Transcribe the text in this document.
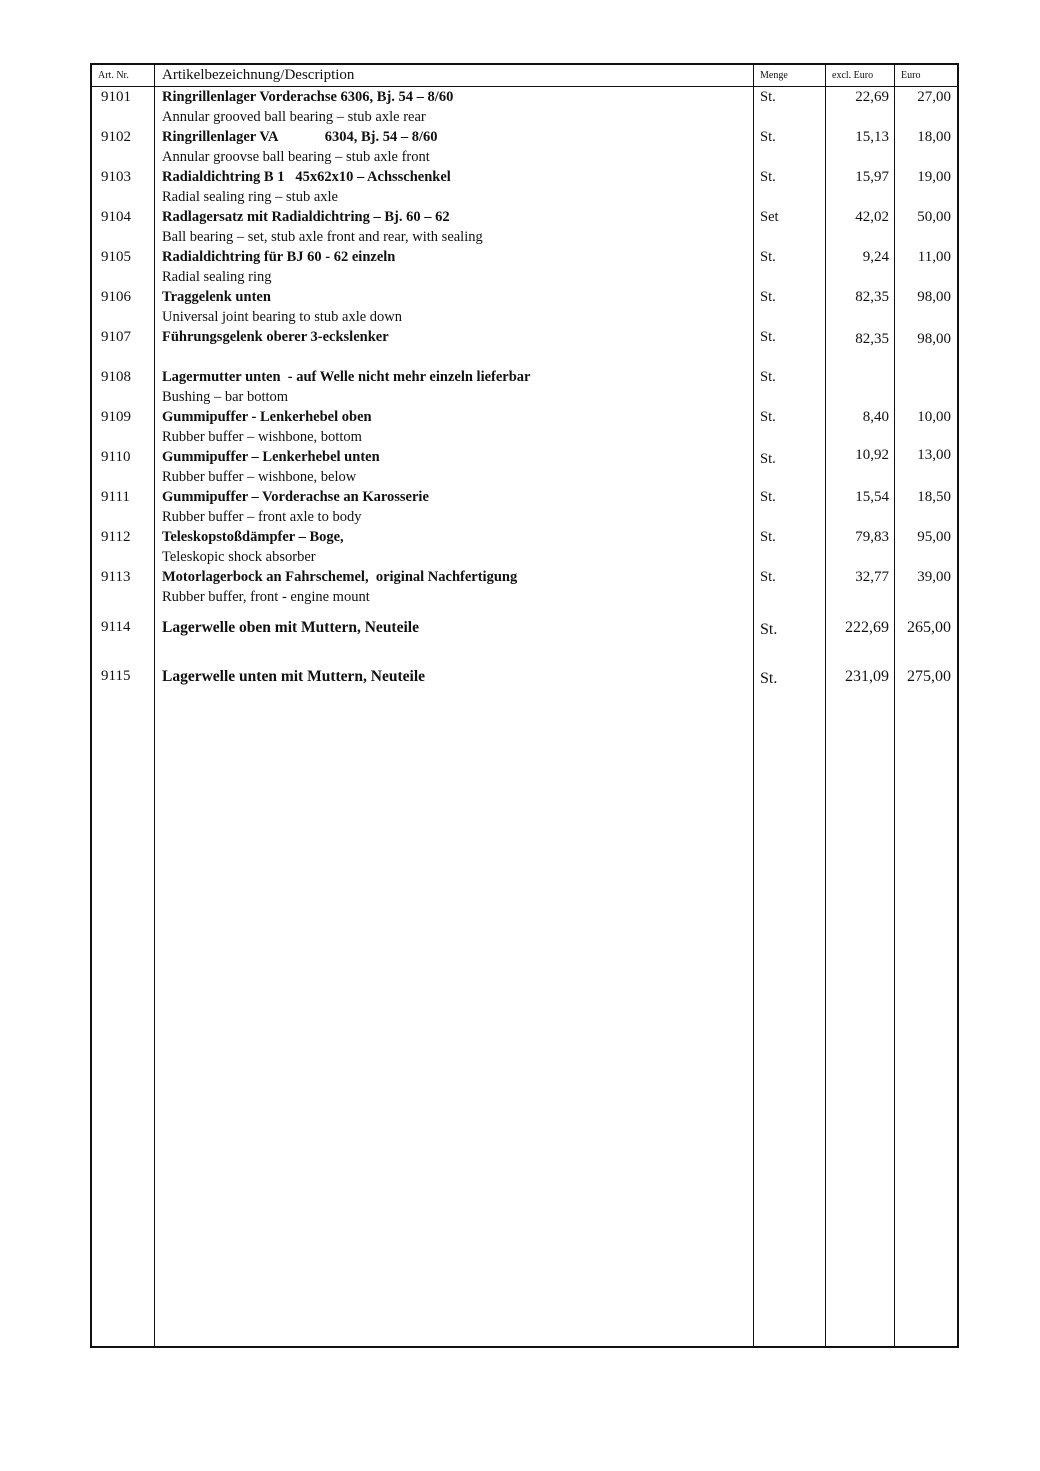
Art. Nr. Artikelbezeichnung/Description	Menge	excl. Euro	Euro
9101 Ringrillenlager Vorderachse 6306, Bj. 54 – 8/60
Annular grooved ball bearing – stub axle rear
St.	22,69 27,00
9102 Ringrillenlager VA             6304, Bj. 54 – 8/60
Annular groovse ball bearing – stub axle front
St.	15,13 18,00
9103 Radialdichtring B 1   45x62x10 – Achsschenkel
Radial sealing ring – stub axle
St.	15,97 19,00
9104 Radlagersatz mit Radialdichtring – Bj. 60 – 62
Ball bearing – set, stub axle front and rear, with sealing
Set	42,02 50,00
9105 Radialdichtring für BJ 60 - 62 einzeln
Radial sealing ring
St.	9,24 11,00
9106 Traggelenk unten
Universal joint bearing to stub axle down
St.	82,35 98,00
9107 Führungsgelenk oberer 3-eckslenker	St.	82,35 98,00
9108 Lagermutter unten  - auf Welle nicht mehr einzeln lieferbar
Bushing – bar bottom
St.
9109 Gummipuffer - Lenkerhebel oben
Rubber buffer – wishbone, bottom
St.	8,40 10,00
9110 Gummipuffer – Lenkerhebel unten
Rubber buffer – wishbone, below
St.	10,92 13,00
9111 Gummipuffer – Vorderachse an Karosserie
Rubber buffer – front axle to body
St.	15,54 18,50
9112 Teleskopstoßdämpfer – Boge,
Teleskopic shock absorber
St.	79,83 95,00
9113 Motorlagerbock an Fahrschemel,  original Nachfertigung
Rubber buffer, front - engine mount
St.	32,77 39,00
9114 Lagerwelle oben mit Muttern, Neuteile	St.	222,69 265,00
9115 Lagerwelle unten mit Muttern, Neuteile	St.	231,09 275,00
